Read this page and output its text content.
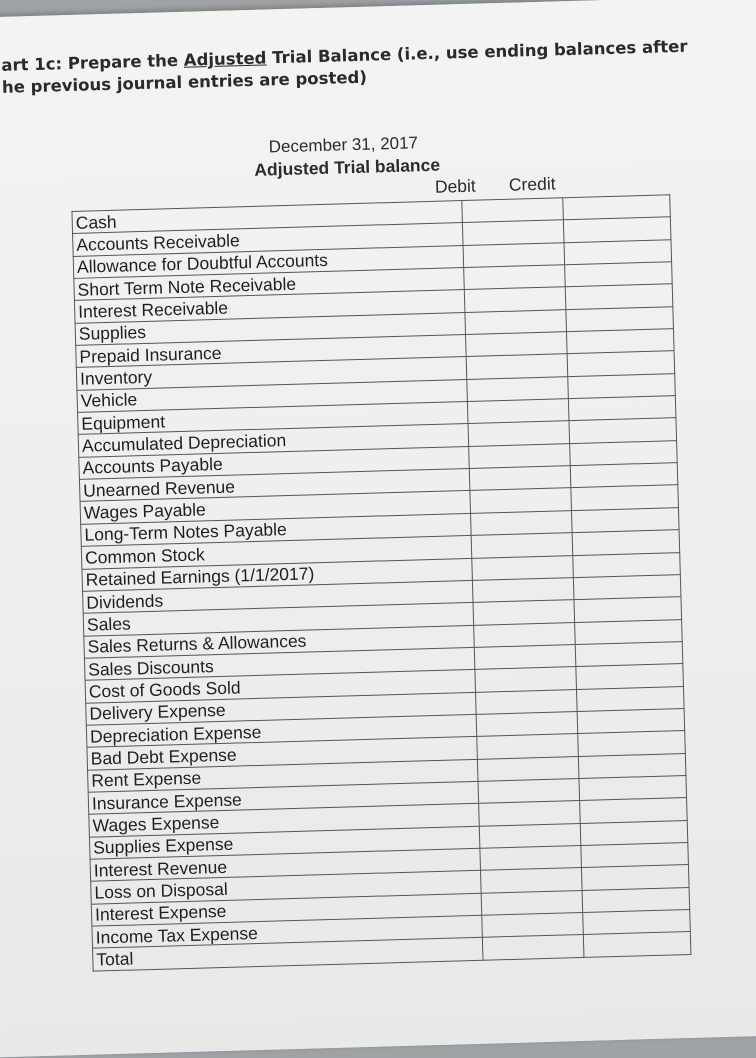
art 1c: Prepare the Adjusted Trial Balance (i.e., use ending balances after
he previous journal entries are posted)
December 31, 2017
Adjusted Trial balance
Debit Credit
Cash		
Accounts Receivable		
Allowance for Doubtful Accounts		
Short Term Note Receivable		
Interest Receivable		
Supplies		
Prepaid Insurance		
Inventory		
Vehicle		
Equipment		
Accumulated Depreciation		
Accounts Payable		
Unearned Revenue		
Wages Payable		
Long-Term Notes Payable		
Common Stock		
Retained Earnings (1/1/2017)		
Dividends		
Sales		
Sales Returns & Allowances		
Sales Discounts		
Cost of Goods Sold		
Delivery Expense		
Depreciation Expense		
Bad Debt Expense		
Rent Expense		
Insurance Expense		
Wages Expense		
Supplies Expense		
Interest Revenue		
Loss on Disposal		
Interest Expense		
Income Tax Expense		
Total		
